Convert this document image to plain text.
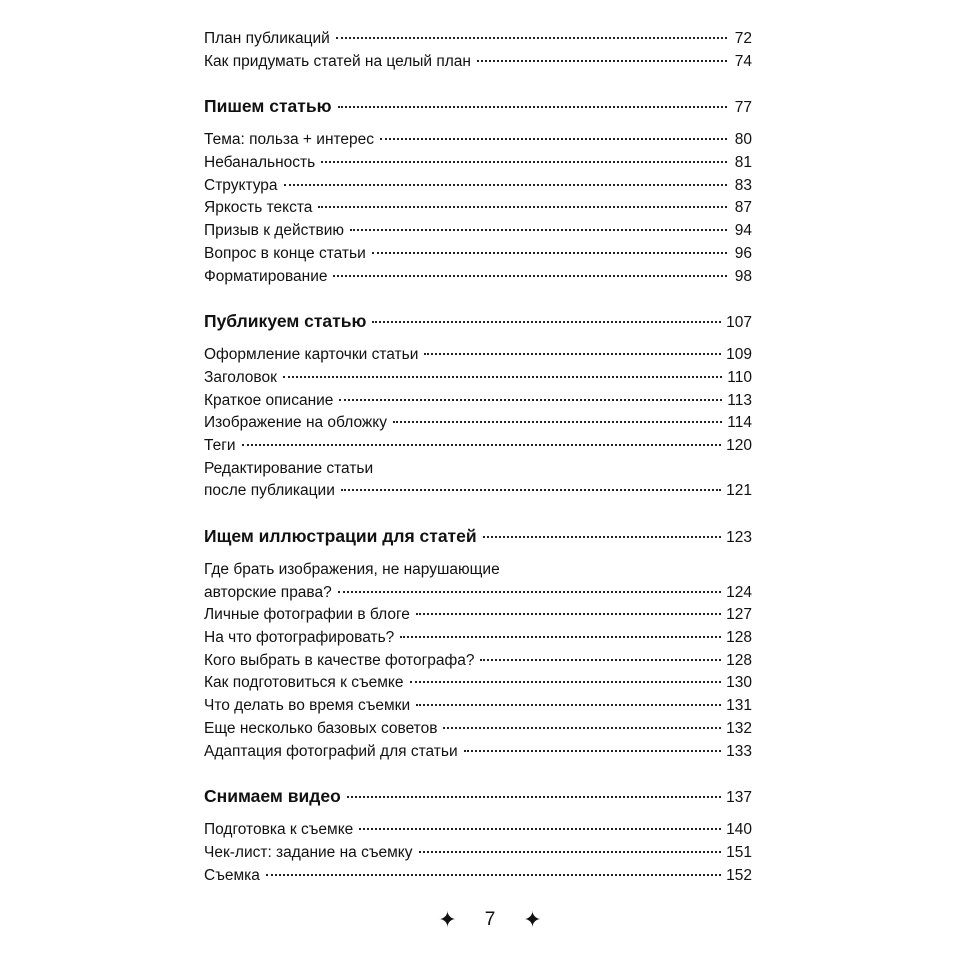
План публикаций	72
Как придумать статей на целый план	74
Пишем статью	77
Тема: польза + интерес	80
Небанальность	81
Структура	83
Яркость текста	87
Призыв к действию	94
Вопрос в конце статьи	96
Форматирование	98
Публикуем статью	107
Оформление карточки статьи	109
Заголовок	110
Краткое описание	113
Изображение на обложку	114
Теги	120
Редактирование статьи
после публикации	121
Ищем иллюстрации для статей	123
Где брать изображения, не нарушающие
авторские права?	124
Личные фотографии в блоге	127
На что фотографировать?	128
Кого выбрать в качестве фотографа?	128
Как подготовиться к съемке	130
Что делать во время съемки	131
Еще несколько базовых советов	132
Адаптация фотографий для статьи	133
Снимаем видео	137
Подготовка к съемке	140
Чек-лист: задание на съемку	151
Съемка	152
✦ 7 ✦
